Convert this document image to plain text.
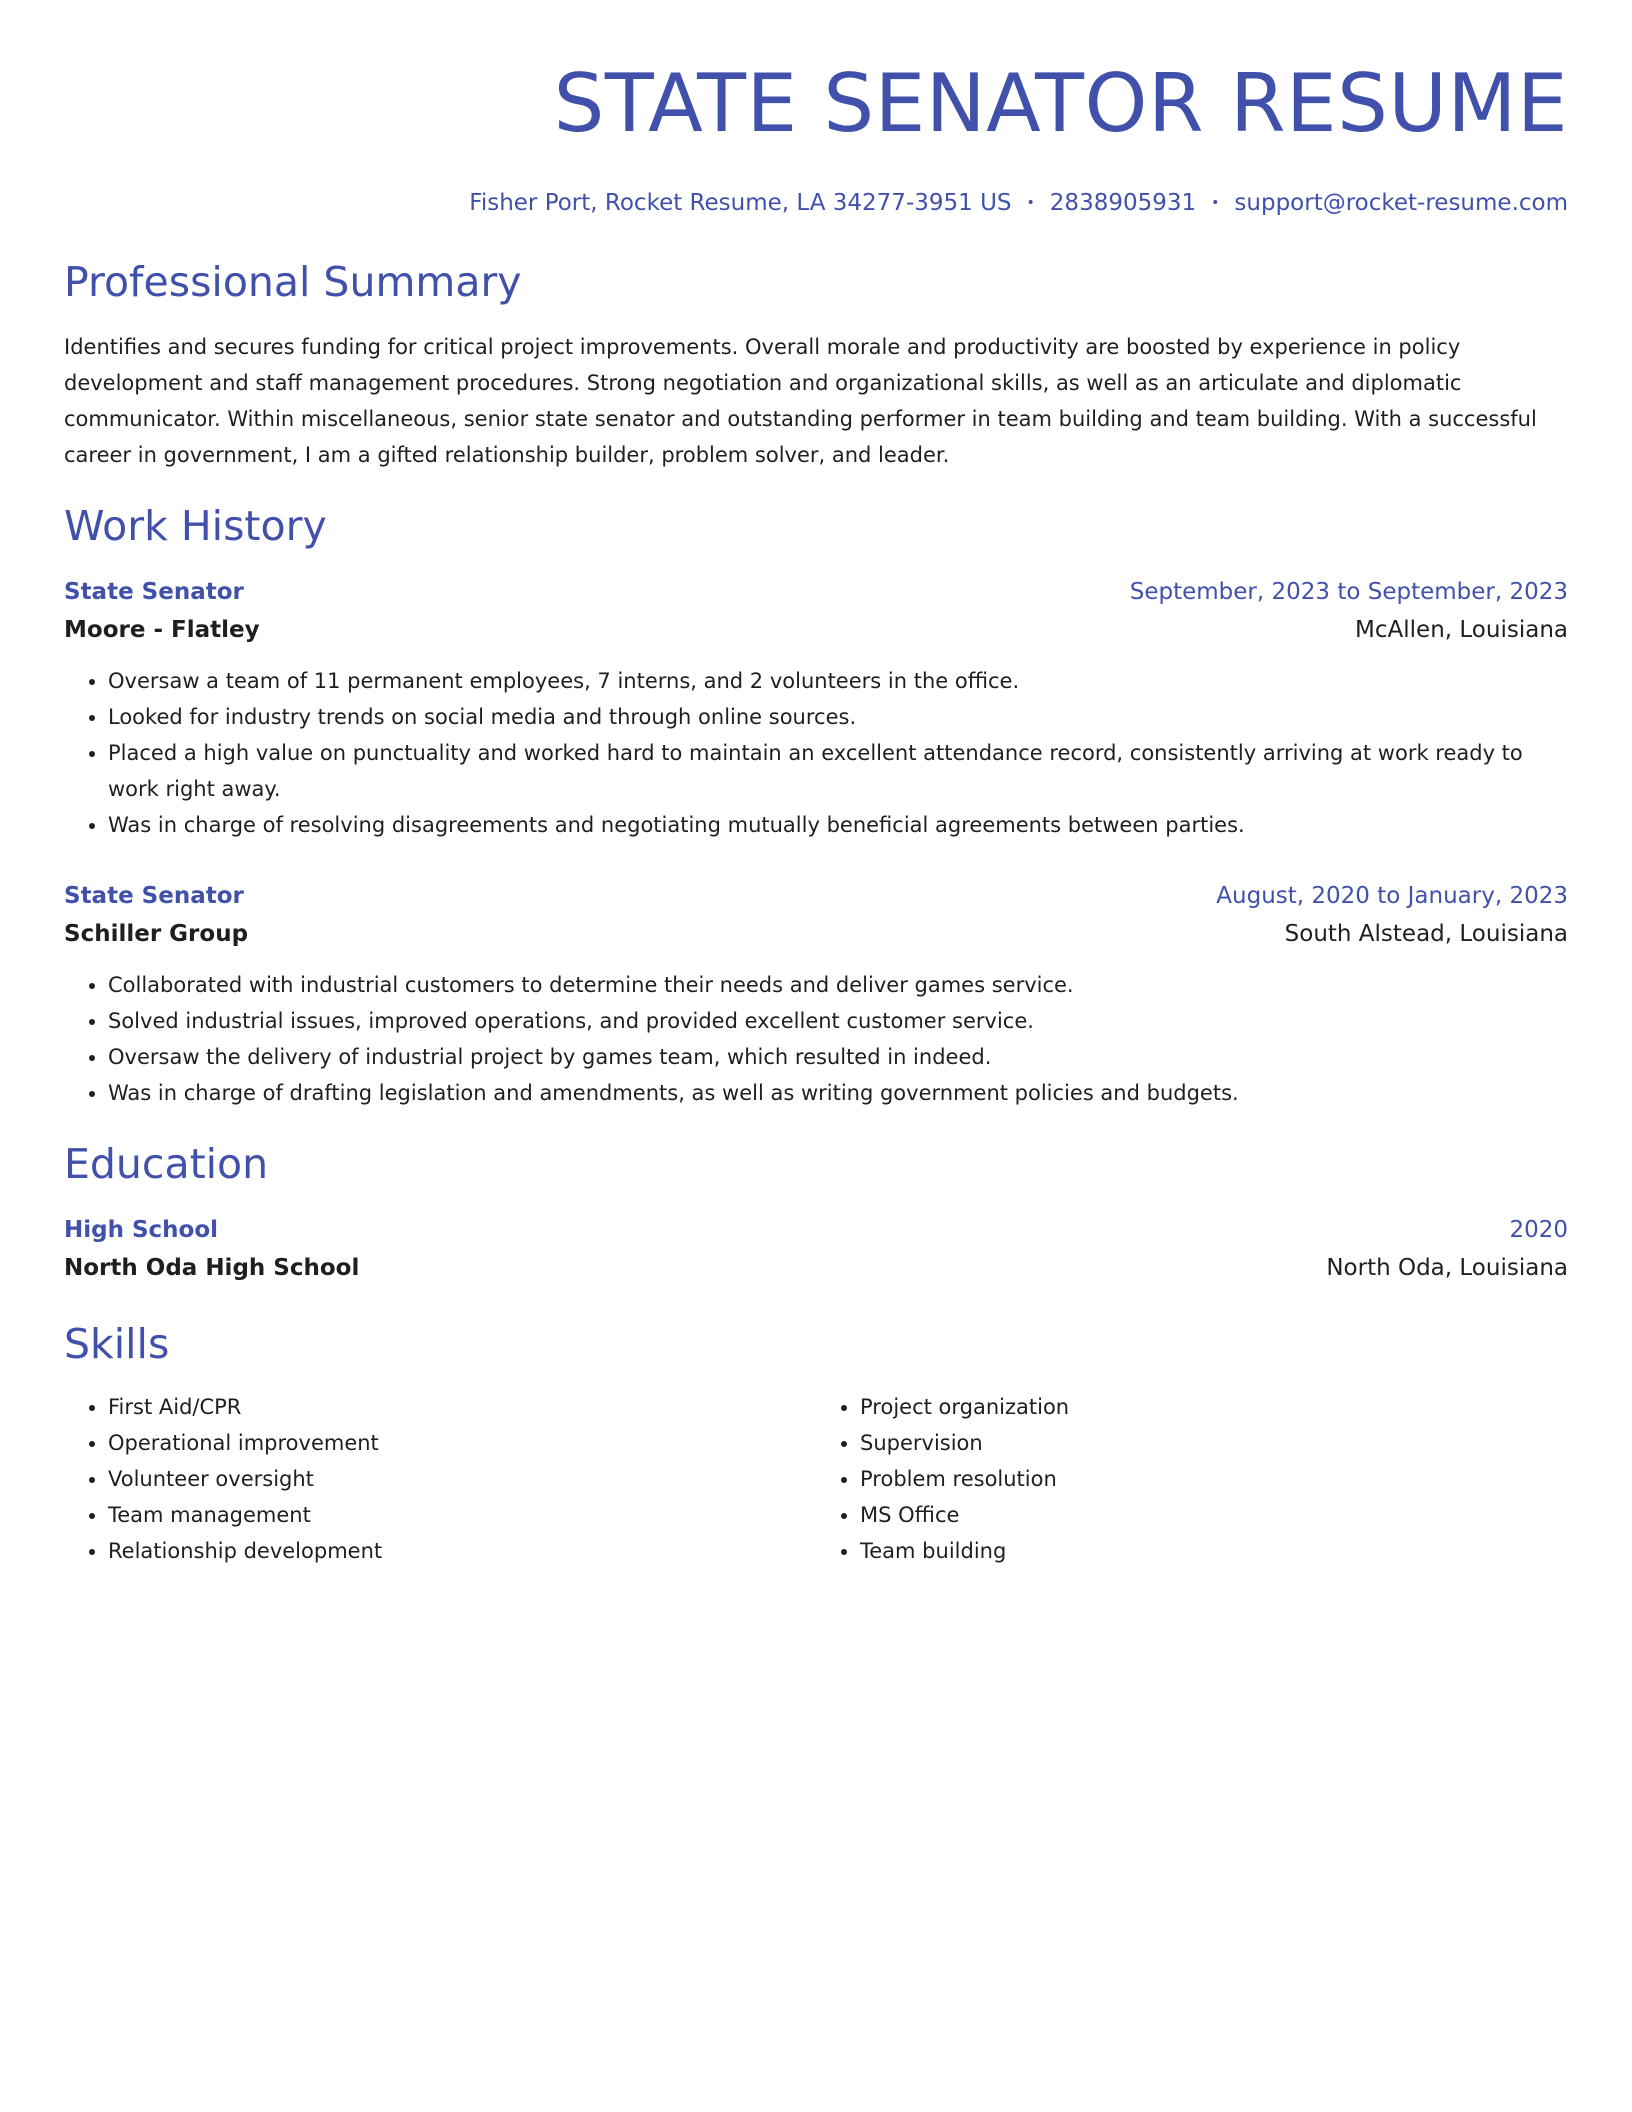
STATE SENATOR RESUME
Fisher Port, Rocket Resume, LA 34277-3951 US • 2838905931 • support@rocket-resume.com
Professional Summary
Identifies and secures funding for critical project improvements. Overall morale and productivity are boosted by experience in policy development and staff management procedures. Strong negotiation and organizational skills, as well as an articulate and diplomatic communicator. Within miscellaneous, senior state senator and outstanding performer in team building and team building. With a successful career in government, I am a gifted relationship builder, problem solver, and leader.
Work History
State Senator	September, 2023 to September, 2023
Moore - Flatley	McAllen, Louisiana
• Oversaw a team of 11 permanent employees, 7 interns, and 2 volunteers in the office.
• Looked for industry trends on social media and through online sources.
• Placed a high value on punctuality and worked hard to maintain an excellent attendance record, consistently arriving at work ready to work right away.
• Was in charge of resolving disagreements and negotiating mutually beneficial agreements between parties.
State Senator	August, 2020 to January, 2023
Schiller Group	South Alstead, Louisiana
• Collaborated with industrial customers to determine their needs and deliver games service.
• Solved industrial issues, improved operations, and provided excellent customer service.
• Oversaw the delivery of industrial project by games team, which resulted in indeed.
• Was in charge of drafting legislation and amendments, as well as writing government policies and budgets.
Education
High School	2020
North Oda High School	North Oda, Louisiana
Skills
• First Aid/CPR
• Operational improvement
• Volunteer oversight
• Team management
• Relationship development
• Project organization
• Supervision
• Problem resolution
• MS Office
• Team building
